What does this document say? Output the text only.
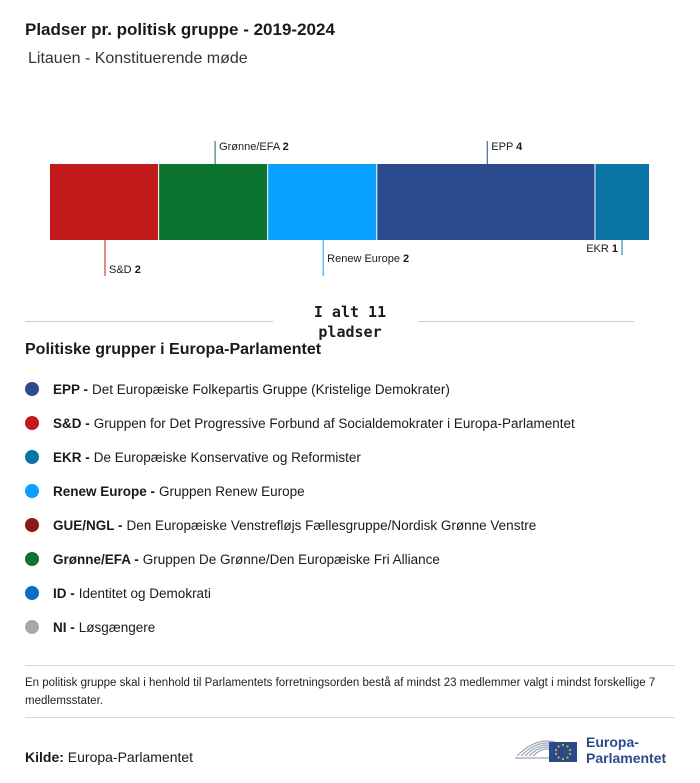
Pladser pr. politisk gruppe - 2019-2024
Litauen - Konstituerende møde
S&D 2
Grønne/EFA 2
Renew Europe 2
EPP 4
EKR 1
I alt 11 pladser
Politiske grupper i Europa-Parlamentet
EPP - Det Europæiske Folkepartis Gruppe (Kristelige Demokrater)
S&D - Gruppen for Det Progressive Forbund af Socialdemokrater i Europa-Parlamentet
EKR - De Europæiske Konservative og Reformister
Renew Europe - Gruppen Renew Europe
GUE/NGL - Den Europæiske Venstrefløjs Fællesgruppe/Nordisk Grønne Venstre
Grønne/EFA - Gruppen De Grønne/Den Europæiske Fri Alliance
ID - Identitet og Demokrati
NI - Løsgængere
En politisk gruppe skal i henhold til Parlamentets forretningsorden bestå af mindst 23 medlemmer valgt i mindst forskellige 7 medlemsstater.
Kilde: Europa-Parlamentet
Europa-
Parlamentet
